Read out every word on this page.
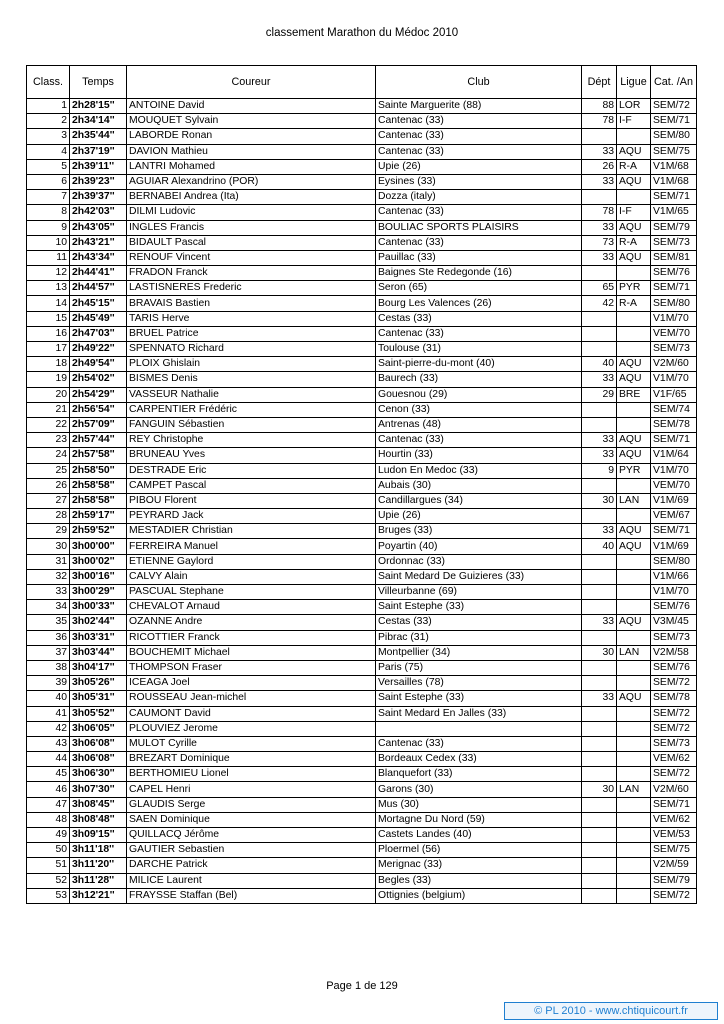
classement Marathon du Médoc 2010
Class.	Temps	Coureur	Club	Dépt	Ligue	Cat. /An
1	2h28'15''	ANTOINE David	Sainte Marguerite (88)	88	LOR	SEM/72
2	2h34'14''	MOUQUET Sylvain	Cantenac (33)	78	I-F	SEM/71
3	2h35'44''	LABORDE Ronan	Cantenac (33)			SEM/80
4	2h37'19''	DAVION Mathieu	Cantenac (33)	33	AQU	SEM/75
5	2h39'11''	LANTRI Mohamed	Upie (26)	26	R-A	V1M/68
6	2h39'23''	AGUIAR Alexandrino (POR)	Eysines (33)	33	AQU	V1M/68
7	2h39'37''	BERNABEI Andrea (Ita)	Dozza (italy)			SEM/71
8	2h42'03''	DILMI Ludovic	Cantenac (33)	78	I-F	V1M/65
9	2h43'05''	INGLES Francis	BOULIAC SPORTS PLAISIRS	33	AQU	SEM/79
10	2h43'21''	BIDAULT Pascal	Cantenac (33)	73	R-A	SEM/73
11	2h43'34''	RENOUF Vincent	Pauillac (33)	33	AQU	SEM/81
12	2h44'41''	FRADON Franck	Baignes Ste Redegonde (16)			SEM/76
13	2h44'57''	LASTISNERES Frederic	Seron (65)	65	PYR	SEM/71
14	2h45'15''	BRAVAIS Bastien	Bourg Les Valences (26)	42	R-A	SEM/80
15	2h45'49''	TARIS Herve	Cestas (33)			V1M/70
16	2h47'03''	BRUEL Patrice	Cantenac (33)			VEM/70
17	2h49'22''	SPENNATO Richard	Toulouse (31)			SEM/73
18	2h49'54''	PLOIX Ghislain	Saint-pierre-du-mont (40)	40	AQU	V2M/60
19	2h54'02''	BISMES Denis	Baurech (33)	33	AQU	V1M/70
20	2h54'29''	VASSEUR Nathalie	Gouesnou (29)	29	BRE	V1F/65
21	2h56'54''	CARPENTIER Frédéric	Cenon (33)			SEM/74
22	2h57'09''	FANGUIN Sébastien	Antrenas (48)			SEM/78
23	2h57'44''	REY Christophe	Cantenac (33)	33	AQU	SEM/71
24	2h57'58''	BRUNEAU Yves	Hourtin (33)	33	AQU	V1M/64
25	2h58'50''	DESTRADE Eric	Ludon En Medoc (33)	9	PYR	V1M/70
26	2h58'58''	CAMPET Pascal	Aubais (30)			VEM/70
27	2h58'58''	PIBOU Florent	Candillargues (34)	30	LAN	V1M/69
28	2h59'17''	PEYRARD Jack	Upie (26)			VEM/67
29	2h59'52''	MESTADIER Christian	Bruges (33)	33	AQU	SEM/71
30	3h00'00''	FERREIRA Manuel	Poyartin (40)	40	AQU	V1M/69
31	3h00'02''	ETIENNE Gaylord	Ordonnac (33)			SEM/80
32	3h00'16''	CALVY Alain	Saint Medard De Guizieres (33)			V1M/66
33	3h00'29''	PASCUAL Stephane	Villeurbanne (69)			V1M/70
34	3h00'33''	CHEVALOT Arnaud	Saint Estephe (33)			SEM/76
35	3h02'44''	OZANNE Andre	Cestas (33)	33	AQU	V3M/45
36	3h03'31''	RICOTTIER Franck	Pibrac (31)			SEM/73
37	3h03'44''	BOUCHEMIT Michael	Montpellier (34)	30	LAN	V2M/58
38	3h04'17''	THOMPSON Fraser	Paris (75)			SEM/76
39	3h05'26''	ICEAGA Joel	Versailles (78)			SEM/72
40	3h05'31''	ROUSSEAU Jean-michel	Saint Estephe (33)	33	AQU	SEM/78
41	3h05'52''	CAUMONT David	Saint Medard En Jalles (33)			SEM/72
42	3h06'05''	PLOUVIEZ Jerome				SEM/72
43	3h06'08''	MULOT Cyrille	Cantenac (33)			SEM/73
44	3h06'08''	BREZART Dominique	Bordeaux Cedex (33)			VEM/62
45	3h06'30''	BERTHOMIEU Lionel	Blanquefort (33)			SEM/72
46	3h07'30''	CAPEL Henri	Garons (30)	30	LAN	V2M/60
47	3h08'45''	GLAUDIS Serge	Mus (30)			SEM/71
48	3h08'48''	SAEN Dominique	Mortagne Du Nord (59)			VEM/62
49	3h09'15''	QUILLACQ Jérôme	Castets Landes (40)			VEM/53
50	3h11'18''	GAUTIER Sebastien	Ploermel (56)			SEM/75
51	3h11'20''	DARCHE Patrick	Merignac (33)			V2M/59
52	3h11'28''	MILICE Laurent	Begles (33)			SEM/79
53	3h12'21''	FRAYSSE Staffan (Bel)	Ottignies (belgium)			SEM/72
Page 1 de 129
© PL 2010 - www.chtiquicourt.fr
